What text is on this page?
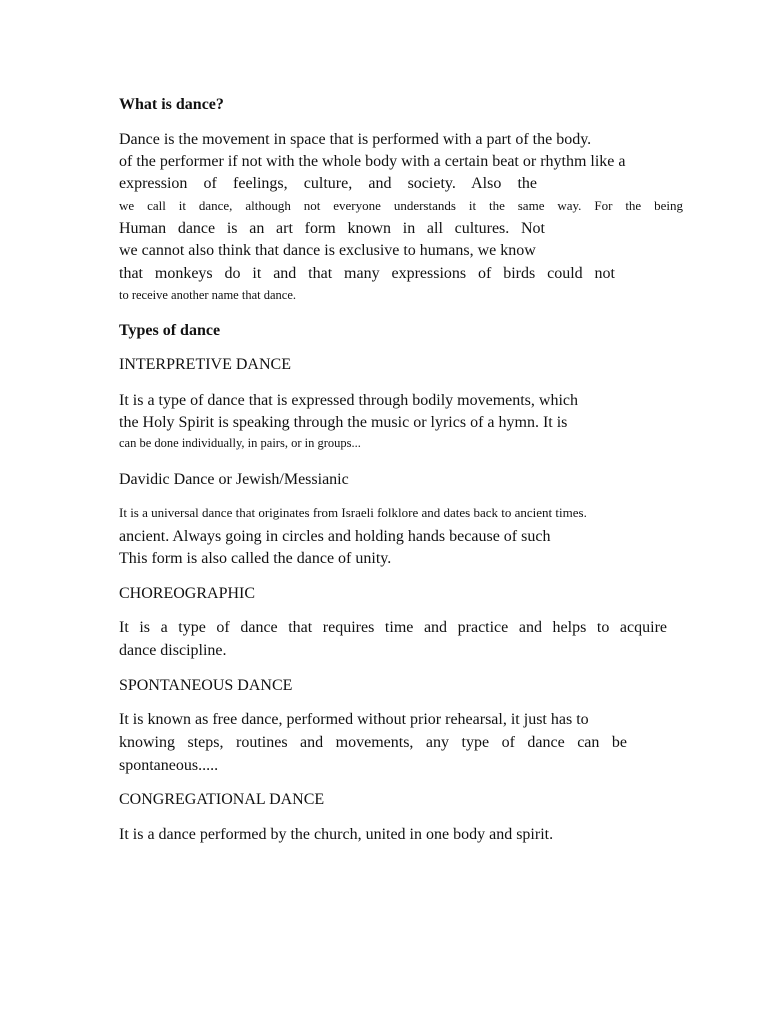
What is dance?
Dance is the movement in space that is performed with a part of the body.
of the performer if not with the whole body with a certain beat or rhythm like a
expression of feelings, culture, and society. Also the
we call it dance, although not everyone understands it the same way. For the being
Human dance is an art form known in all cultures. Not
we cannot also think that dance is exclusive to humans, we know
that monkeys do it and that many expressions of birds could not
to receive another name that dance.
Types of dance
INTERPRETIVE DANCE
It is a type of dance that is expressed through bodily movements, which
the Holy Spirit is speaking through the music or lyrics of a hymn. It is
can be done individually, in pairs, or in groups...
Davidic Dance or Jewish/Messianic
It is a universal dance that originates from Israeli folklore and dates back to ancient times.
ancient. Always going in circles and holding hands because of such
This form is also called the dance of unity.
CHOREOGRAPHIC
It is a type of dance that requires time and practice and helps to acquire
dance discipline.
SPONTANEOUS DANCE
It is known as free dance, performed without prior rehearsal, it just has to
knowing steps, routines and movements, any type of dance can be
spontaneous.....
CONGREGATIONAL DANCE
It is a dance performed by the church, united in one body and spirit.
